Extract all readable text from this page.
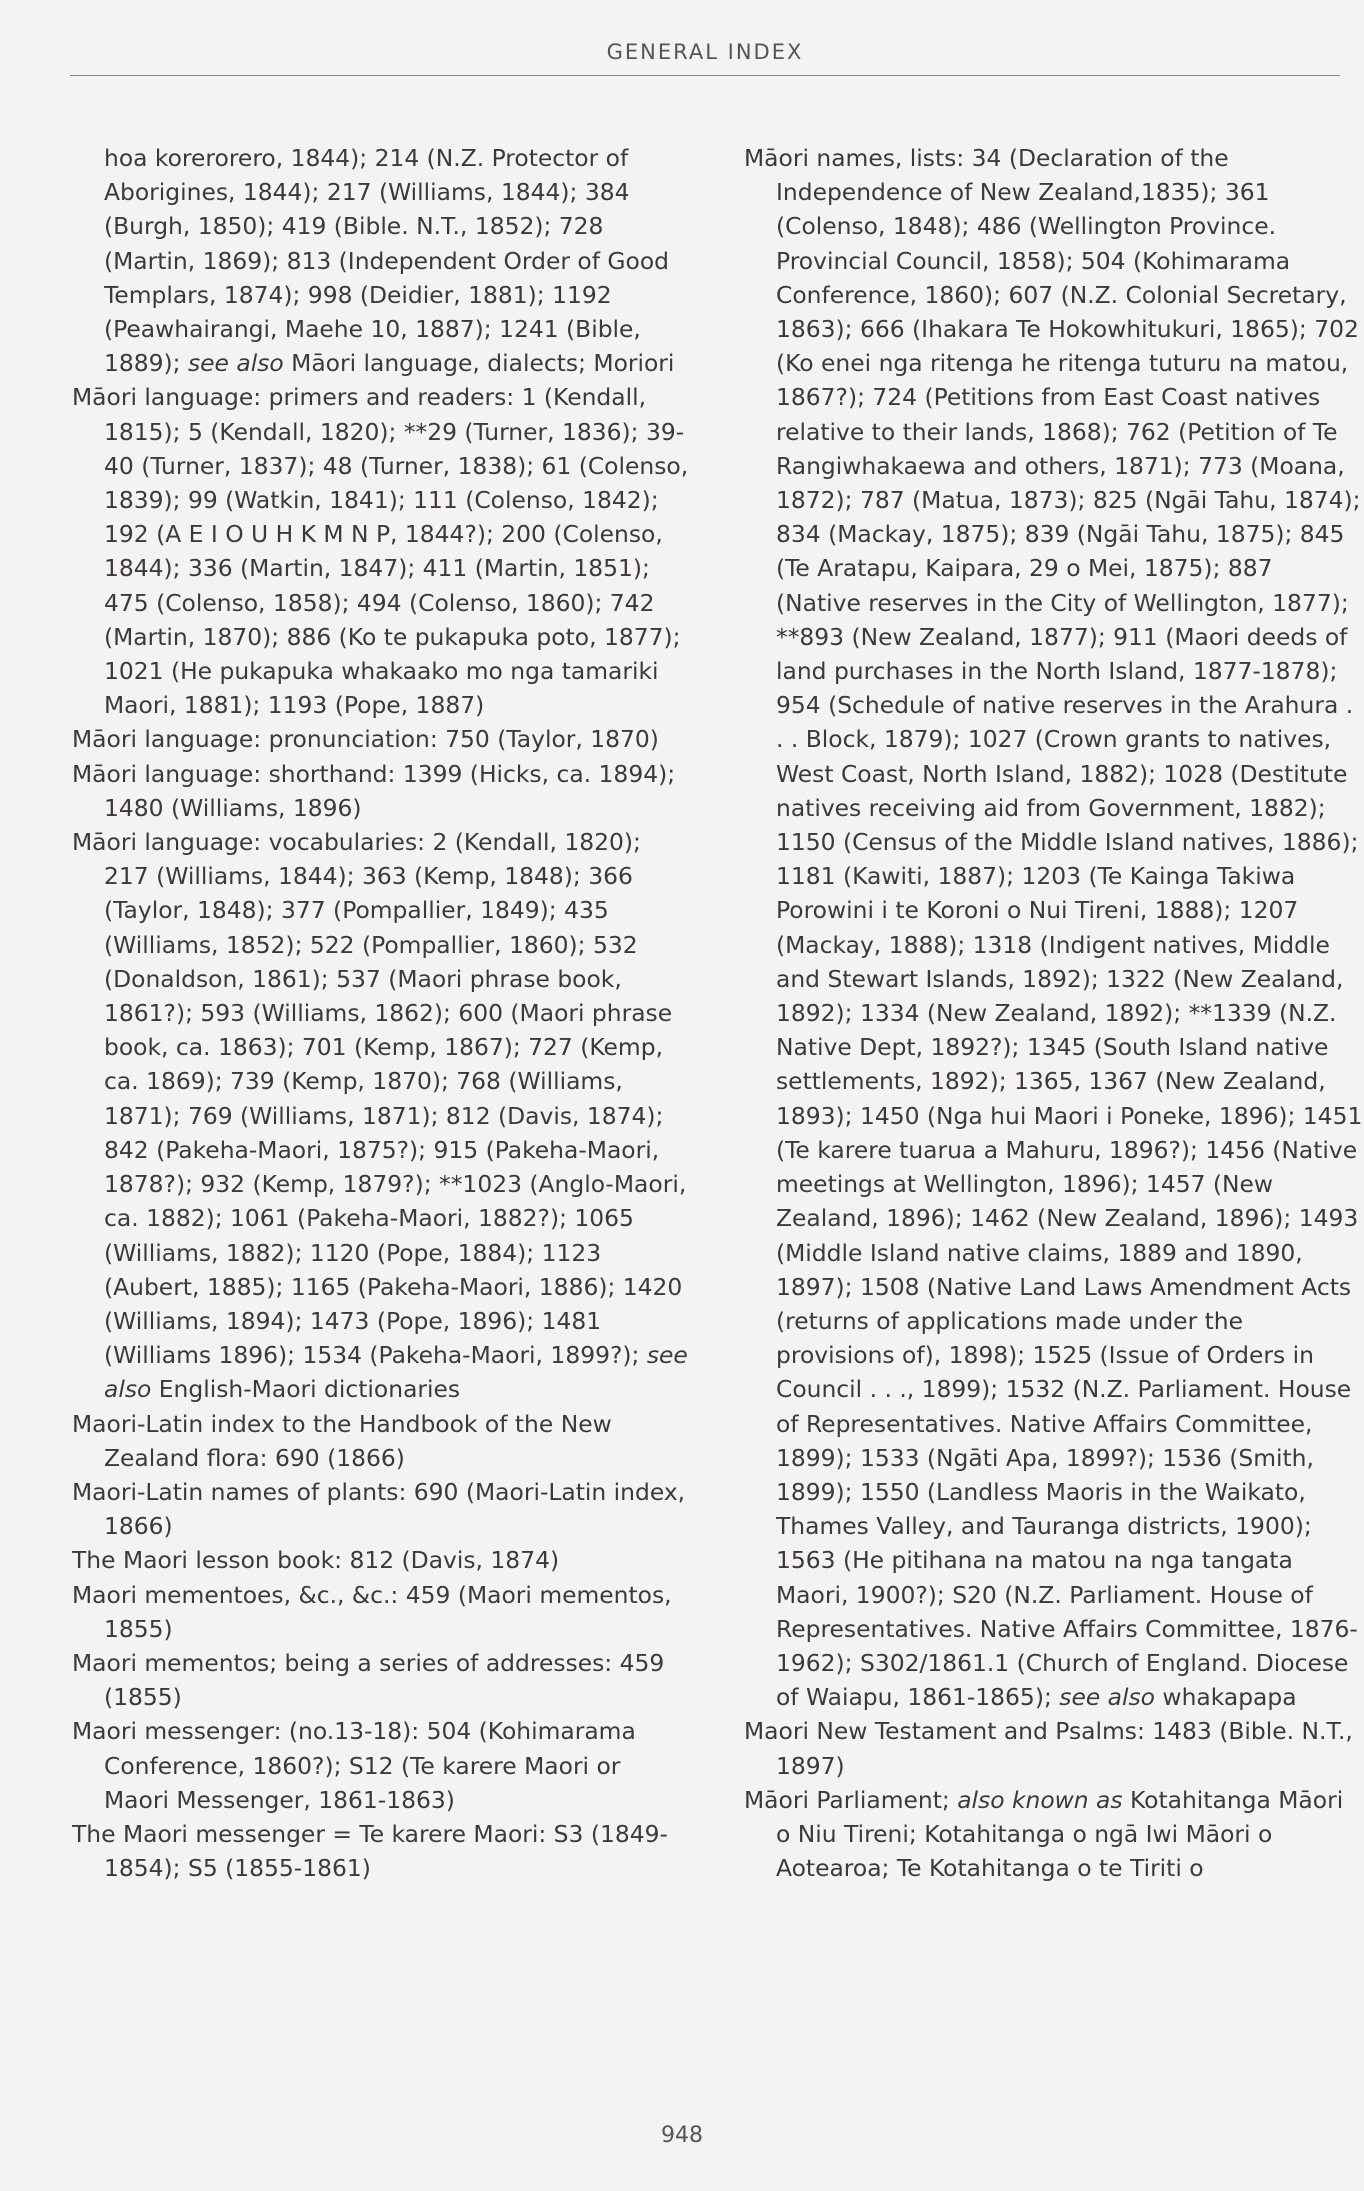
GENERAL INDEX

hoa korerorero, 1844); 214 (N.Z. Protector of Aborigines, 1844); 217 (Williams, 1844); 384 (Burgh, 1850); 419 (Bible. N.T., 1852); 728 (Martin, 1869); 813 (Independent Order of Good Templars, 1874); 998 (Deidier, 1881); 1192 (Peawhairangi, Maehe 10, 1887); 1241 (Bible, 1889); see also Māori language, dialects; Moriori

Māori language: primers and readers: 1 (Kendall, 1815); 5 (Kendall, 1820); **29 (Turner, 1836); 39-40 (Turner, 1837); 48 (Turner, 1838); 61 (Colenso, 1839); 99 (Watkin, 1841); 111 (Colenso, 1842); 192 (A E I O U H K M N P, 1844?); 200 (Colenso, 1844); 336 (Martin, 1847); 411 (Martin, 1851); 475 (Colenso, 1858); 494 (Colenso, 1860); 742 (Martin, 1870); 886 (Ko te pukapuka poto, 1877); 1021 (He pukapuka whakaako mo nga tamariki Maori, 1881); 1193 (Pope, 1887)

Māori language: pronunciation: 750 (Taylor, 1870)

Māori language: shorthand: 1399 (Hicks, ca. 1894); 1480 (Williams, 1896)

Māori language: vocabularies: 2 (Kendall, 1820); 217 (Williams, 1844); 363 (Kemp, 1848); 366 (Taylor, 1848); 377 (Pompallier, 1849); 435 (Williams, 1852); 522 (Pompallier, 1860); 532 (Donaldson, 1861); 537 (Maori phrase book, 1861?); 593 (Williams, 1862); 600 (Maori phrase book, ca. 1863); 701 (Kemp, 1867); 727 (Kemp, ca. 1869); 739 (Kemp, 1870); 768 (Williams, 1871); 769 (Williams, 1871); 812 (Davis, 1874); 842 (Pakeha-Maori, 1875?); 915 (Pakeha-Maori, 1878?); 932 (Kemp, 1879?); **1023 (Anglo-Maori, ca. 1882); 1061 (Pakeha-Maori, 1882?); 1065 (Williams, 1882); 1120 (Pope, 1884); 1123 (Aubert, 1885); 1165 (Pakeha-Maori, 1886); 1420 (Williams, 1894); 1473 (Pope, 1896); 1481 (Williams 1896); 1534 (Pakeha-Maori, 1899?); see also English-Maori dictionaries

Maori-Latin index to the Handbook of the New Zealand flora: 690 (1866)

Maori-Latin names of plants: 690 (Maori-Latin index, 1866)

The Maori lesson book: 812 (Davis, 1874)

Maori mementoes, &c., &c.: 459 (Maori mementos, 1855)

Maori mementos; being a series of addresses: 459 (1855)

Maori messenger: (no.13-18): 504 (Kohimarama Conference, 1860?); S12 (Te karere Maori or Maori Messenger, 1861-1863)

The Maori messenger = Te karere Maori: S3 (1849-1854); S5 (1855-1861)

Māori names, lists: 34 (Declaration of the Independence of New Zealand,1835); 361 (Colenso, 1848); 486 (Wellington Province. Provincial Council, 1858); 504 (Kohimarama Conference, 1860); 607 (N.Z. Colonial Secretary, 1863); 666 (Ihakara Te Hokowhitukuri, 1865); 702 (Ko enei nga ritenga he ritenga tuturu na matou, 1867?); 724 (Petitions from East Coast natives relative to their lands, 1868); 762 (Petition of Te Rangiwhakaewa and others, 1871); 773 (Moana, 1872); 787 (Matua, 1873); 825 (Ngāi Tahu, 1874); 834 (Mackay, 1875); 839 (Ngāi Tahu, 1875); 845 (Te Aratapu, Kaipara, 29 o Mei, 1875); 887 (Native reserves in the City of Wellington, 1877); **893 (New Zealand, 1877); 911 (Maori deeds of land purchases in the North Island, 1877-1878); 954 (Schedule of native reserves in the Arahura . . . Block, 1879); 1027 (Crown grants to natives, West Coast, North Island, 1882); 1028 (Destitute natives receiving aid from Government, 1882); 1150 (Census of the Middle Island natives, 1886); 1181 (Kawiti, 1887); 1203 (Te Kainga Takiwa Porowini i te Koroni o Nui Tireni, 1888); 1207 (Mackay, 1888); 1318 (Indigent natives, Middle and Stewart Islands, 1892); 1322 (New Zealand, 1892); 1334 (New Zealand, 1892); **1339 (N.Z. Native Dept, 1892?); 1345 (South Island native settlements, 1892); 1365, 1367 (New Zealand, 1893); 1450 (Nga hui Maori i Poneke, 1896); 1451 (Te karere tuarua a Mahuru, 1896?); 1456 (Native meetings at Wellington, 1896); 1457 (New Zealand, 1896); 1462 (New Zealand, 1896); 1493 (Middle Island native claims, 1889 and 1890, 1897); 1508 (Native Land Laws Amendment Acts (returns of applications made under the provisions of), 1898); 1525 (Issue of Orders in Council . . ., 1899); 1532 (N.Z. Parliament. House of Representatives. Native Affairs Committee, 1899); 1533 (Ngāti Apa, 1899?); 1536 (Smith, 1899); 1550 (Landless Maoris in the Waikato, Thames Valley, and Tauranga districts, 1900); 1563 (He pitihana na matou na nga tangata Maori, 1900?); S20 (N.Z. Parliament. House of Representatives. Native Affairs Committee, 1876-1962); S302/1861.1 (Church of England. Diocese of Waiapu, 1861-1865); see also whakapapa

Maori New Testament and Psalms: 1483 (Bible. N.T., 1897)

Māori Parliament; also known as Kotahitanga Māori o Niu Tireni; Kotahitanga o ngā Iwi Māori o Aotearoa; Te Kotahitanga o te Tiriti o

948
